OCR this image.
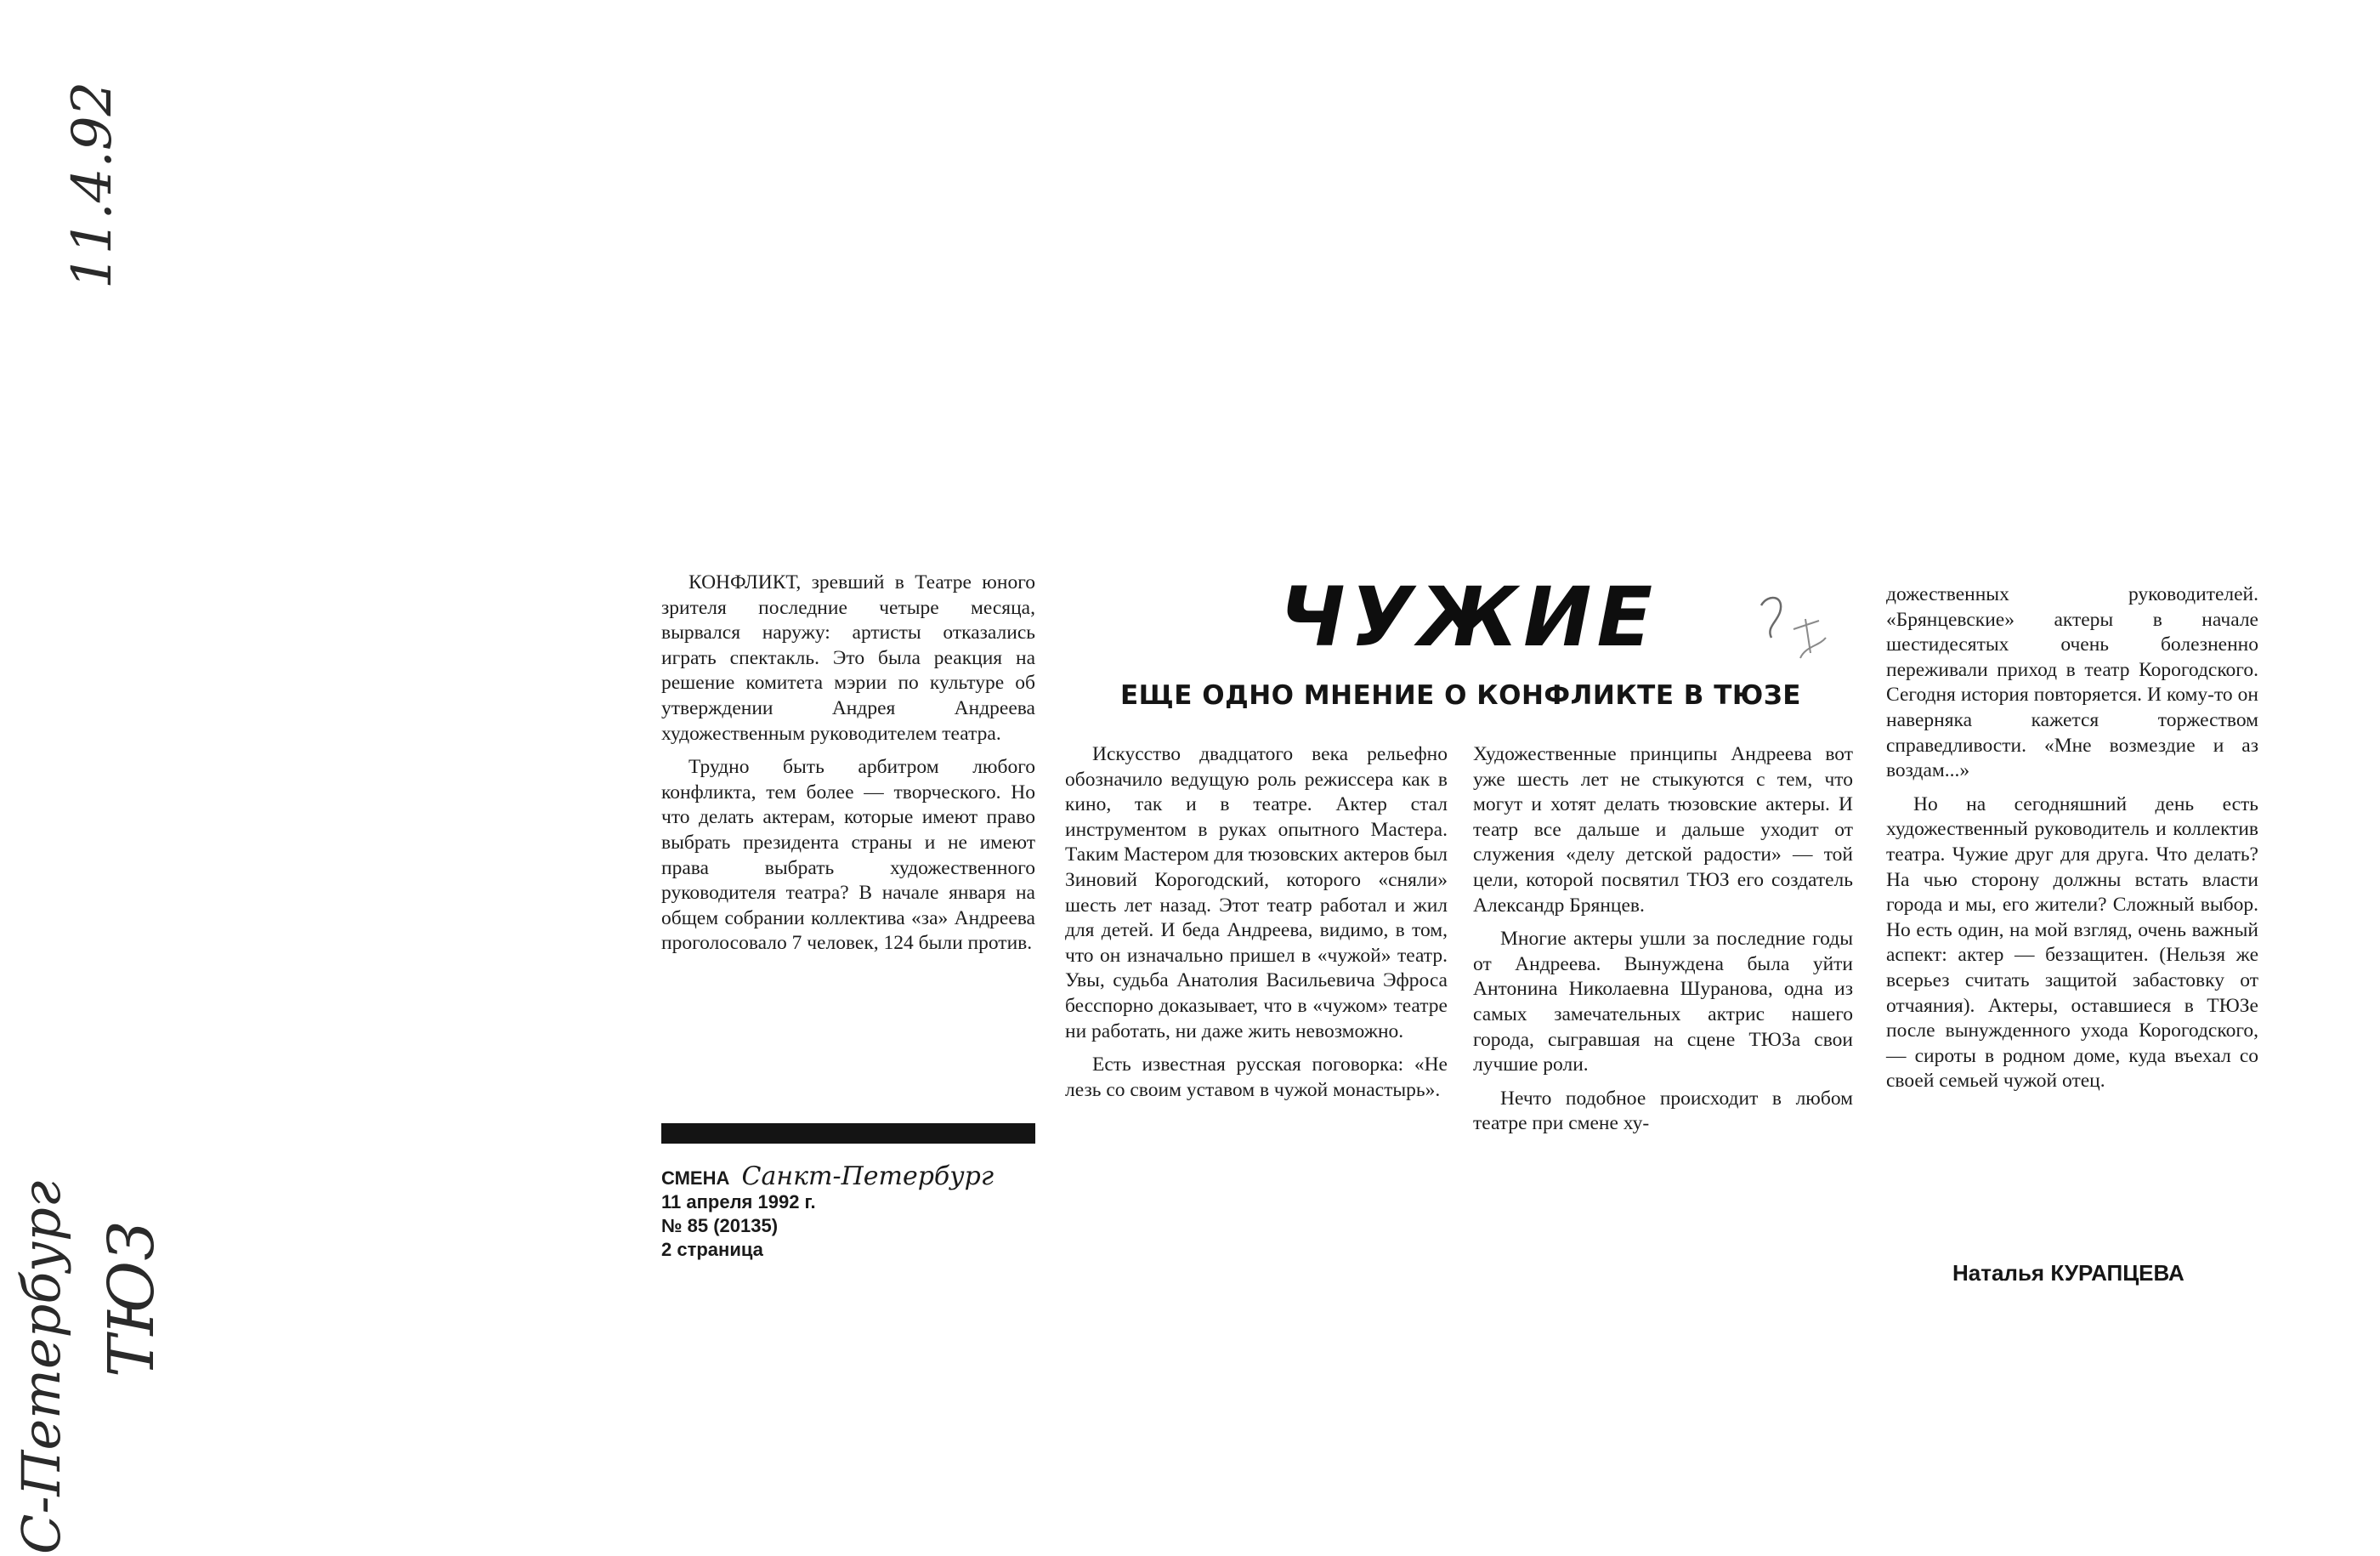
11.4.92
С-Петербург ТЮЗ

КОНФЛИКТ, зревший в Театре юного зрителя последние четыре месяца, вырвался наружу: артисты отказались играть спектакль. Это была реакция на решение комитета мэрии по культуре об утверждении Андрея Андреева художественным руководителем театра.

Трудно быть арбитром любого конфликта, тем более — творческого. Но что делать актерам, которые имеют право выбрать президента страны и не имеют права выбрать художественного руководителя театра? В начале января на общем собрании коллектива «за» Андреева проголосовало 7 человек, 124 были против.

ЧУЖИЕ
ЕЩЕ ОДНО МНЕНИЕ О КОНФЛИКТЕ В ТЮЗЕ

Искусство двадцатого века рельефно обозначило ведущую роль режиссера как в кино, так и в театре. Актер стал инструментом в руках опытного Мастера. Таким Мастером для тюзовских актеров был Зиновий Корогодский, которого «сняли» шесть лет назад. Этот театр работал и жил для детей. И беда Андреева, видимо, в том, что он изначально пришел в «чужой» театр. Увы, судьба Анатолия Васильевича Эфроса бесспорно доказывает, что в «чужом» театре ни работать, ни даже жить невозможно.

Есть известная русская поговорка: «Не лезь со своим уставом в чужой монастырь».

Художественные принципы Андреева вот уже шесть лет не стыкуются с тем, что могут и хотят делать тюзовские актеры. И театр все дальше и дальше уходит от служения «делу детской радости» — той цели, которой посвятил ТЮЗ его создатель Александр Брянцев.

Многие актеры ушли за последние годы от Андреева. Вынуждена была уйти Антонина Николаевна Шуранова, одна из самых замечательных актрис нашего города, сыгравшая на сцене ТЮЗа свои лучшие роли.

Нечто подобное происходит в любом театре при смене ху-

дожественных руководителей. «Брянцевские» актеры в начале шестидесятых очень болезненно переживали приход в театр Корогодского. Сегодня история повторяется. И кому-то он наверняка кажется торжеством справедливости. «Мне возмездие и аз воздам...»

Но на сегодняшний день есть художественный руководитель и коллектив театра. Чужие друг для друга. Что делать? На чью сторону должны встать власти города и мы, его жители? Сложный выбор. Но есть один, на мой взгляд, очень важный аспект: актер — беззащитен. (Нельзя же всерьез считать защитой забастовку от отчаяния). Актеры, оставшиеся в ТЮЗе после вынужденного ухода Корогодского, — сироты в родном доме, куда въехал со своей семьей чужой отец.

Наталья КУРАПЦЕВА
СМЕНА Санкт-Петербург
11 апреля 1992 г.
№ 85 (20135)
2 страница
